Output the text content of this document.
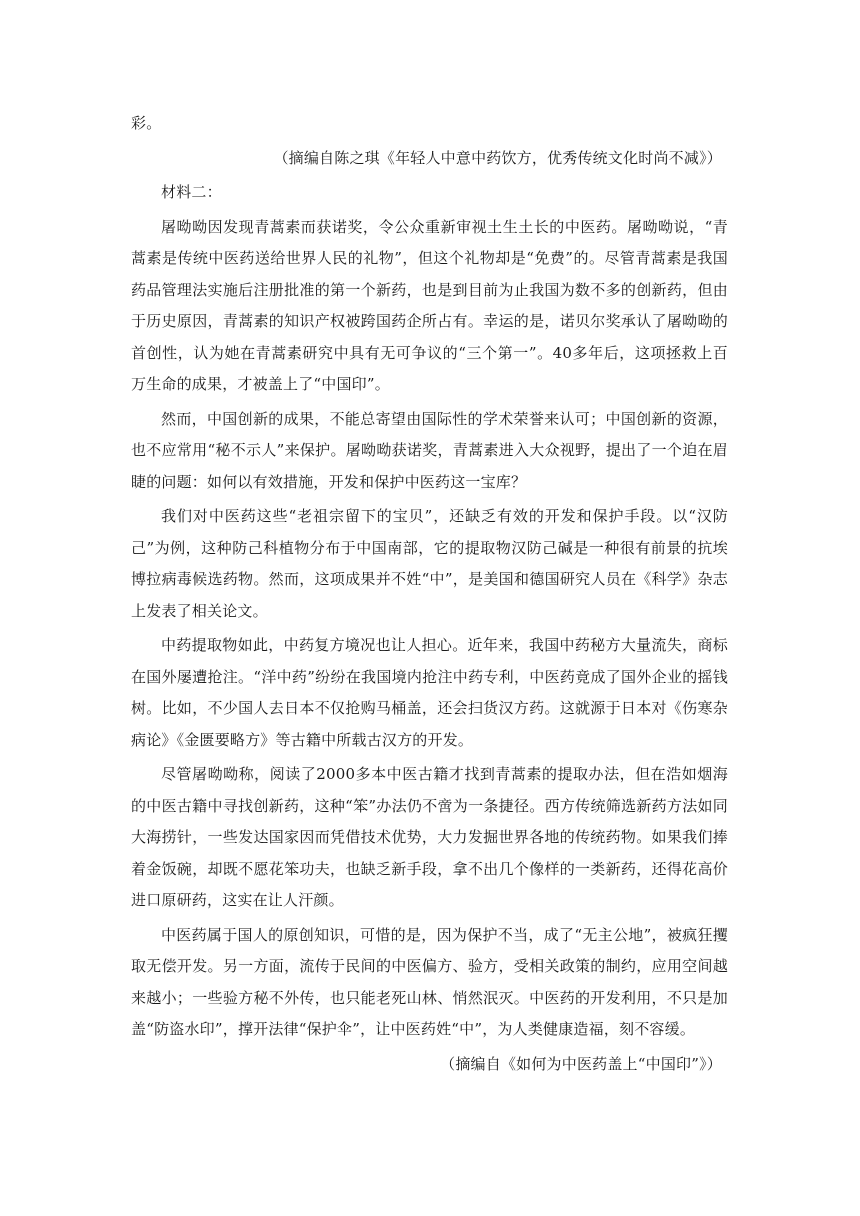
彩。

（摘编自陈之琪《年轻人中意中药饮方，优秀传统文化时尚不减》）

材料二：

屠呦呦因发现青蒿素而获诺奖，令公众重新审视土生土长的中医药。屠呦呦说，“青蒿素是传统中医药送给世界人民的礼物”，但这个礼物却是“免费”的。尽管青蒿素是我国药品管理法实施后注册批准的第一个新药，也是到目前为止我国为数不多的创新药，但由于历史原因，青蒿素的知识产权被跨国药企所占有。幸运的是，诺贝尔奖承认了屠呦呦的首创性，认为她在青蒿素研究中具有无可争议的“三个第一”。40多年后，这项拯救上百万生命的成果，才被盖上了“中国印”。

然而，中国创新的成果，不能总寄望由国际性的学术荣誉来认可；中国创新的资源，也不应常用“秘不示人”来保护。屠呦呦获诺奖，青蒿素进入大众视野，提出了一个迫在眉睫的问题：如何以有效措施，开发和保护中医药这一宝库？

我们对中医药这些“老祖宗留下的宝贝”，还缺乏有效的开发和保护手段。以“汉防己”为例，这种防己科植物分布于中国南部，它的提取物汉防己碱是一种很有前景的抗埃博拉病毒候选药物。然而，这项成果并不姓“中”，是美国和德国研究人员在《科学》杂志上发表了相关论文。

中药提取物如此，中药复方境况也让人担心。近年来，我国中药秘方大量流失，商标在国外屡遭抢注。“洋中药”纷纷在我国境内抢注中药专利，中医药竟成了国外企业的摇钱树。比如，不少国人去日本不仅抢购马桶盖，还会扫货汉方药。这就源于日本对《伤寒杂病论》《金匮要略方》等古籍中所载古汉方的开发。

尽管屠呦呦称，阅读了2000多本中医古籍才找到青蒿素的提取办法，但在浩如烟海的中医古籍中寻找创新药，这种“笨”办法仍不啻为一条捷径。西方传统筛选新药方法如同大海捞针，一些发达国家因而凭借技术优势，大力发掘世界各地的传统药物。如果我们捧着金饭碗，却既不愿花笨功夫，也缺乏新手段，拿不出几个像样的一类新药，还得花高价进口原研药，这实在让人汗颜。

中医药属于国人的原创知识，可惜的是，因为保护不当，成了“无主公地”，被疯狂攫取无偿开发。另一方面，流传于民间的中医偏方、验方，受相关政策的制约，应用空间越来越小；一些验方秘不外传，也只能老死山林、悄然泯灭。中医药的开发利用，不只是加盖“防盗水印”，撑开法律“保护伞”，让中医药姓“中”，为人类健康造福，刻不容缓。

（摘编自《如何为中医药盖上“中国印”》）
